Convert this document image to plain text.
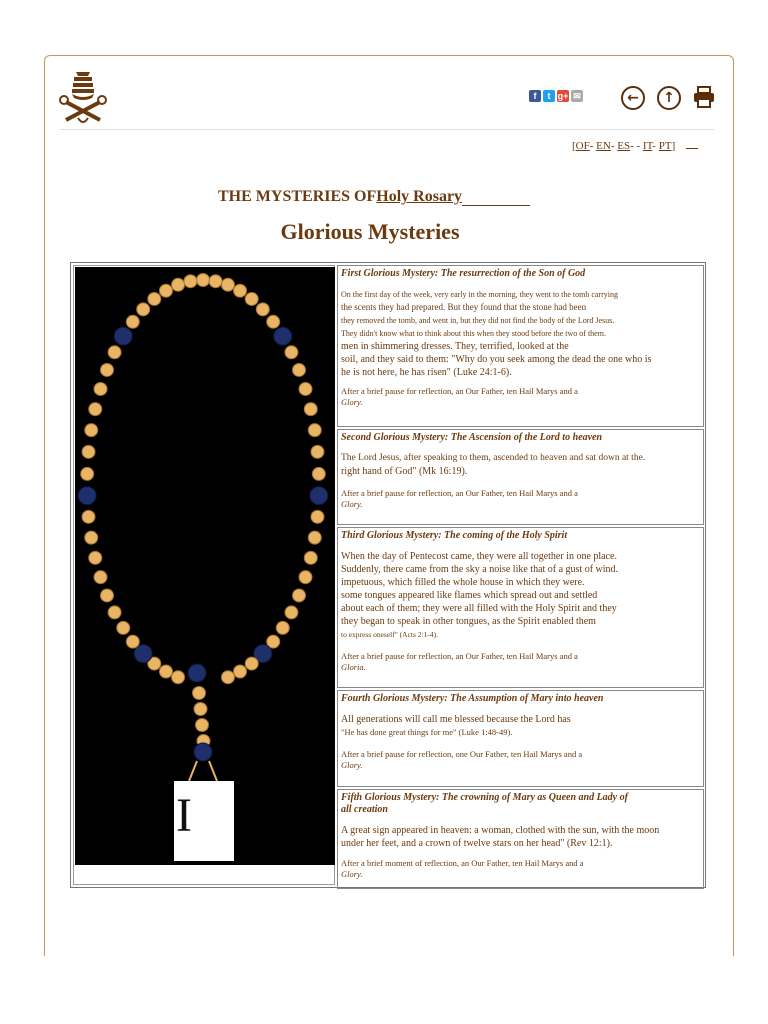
f	t g+ ✉	←	↑
[OF- EN- ES- - IT- PT]
THE MYSTERIES OFHoly Rosary
Glorious Mysteries
I
First Glorious Mystery: The resurrection of the Son of God

On the first day of the week, very early in the morning, they went to the tomb carrying

the scents they had prepared. But they found that the stone had been

they removed the tomb, and went in, but they did not find the body of the Lord Jesus.

They didn't know what to think about this when they stood before the two of them.

men in shimmering dresses. They, terrified, looked at the

soil, and they said to them: "Why do you seek among the dead the one who is

he is not here, he has risen" (Luke 24:1-6).

After a brief pause for reflection, an Our Father, ten Hail Marys and a

Glory.

Second Glorious Mystery: The Ascension of the Lord to heaven

The Lord Jesus, after speaking to them, ascended to heaven and sat down at the.

right hand of God" (Mk 16:19).

After a brief pause for reflection, an Our Father, ten Hail Marys and a

Glory.

Third Glorious Mystery: The coming of the Holy Spirit

When the day of Pentecost came, they were all together in one place.

Suddenly, there came from the sky a noise like that of a gust of wind.

impetuous, which filled the whole house in which they were.

some tongues appeared like flames which spread out and settled

about each of them; they were all filled with the Holy Spirit and they

they began to speak in other tongues, as the Spirit enabled them

to express oneself" (Acts 2:1-4).

After a brief pause for reflection, an Our Father, ten Hail Marys and a

Gloria.

Fourth Glorious Mystery: The Assumption of Mary into heaven

All generations will call me blessed because the Lord has

"He has done great things for me" (Luke 1:48-49).

After a brief pause for reflection, one Our Father, ten Hail Marys and a

Glory.

Fifth Glorious Mystery: The crowning of Mary as Queen and Lady of all creation

A great sign appeared in heaven: a woman, clothed with the sun, with the moon

under her feet, and a crown of twelve stars on her head" (Rev 12:1).

After a brief moment of reflection, an Our Father, ten Hail Marys and a

Glory.
